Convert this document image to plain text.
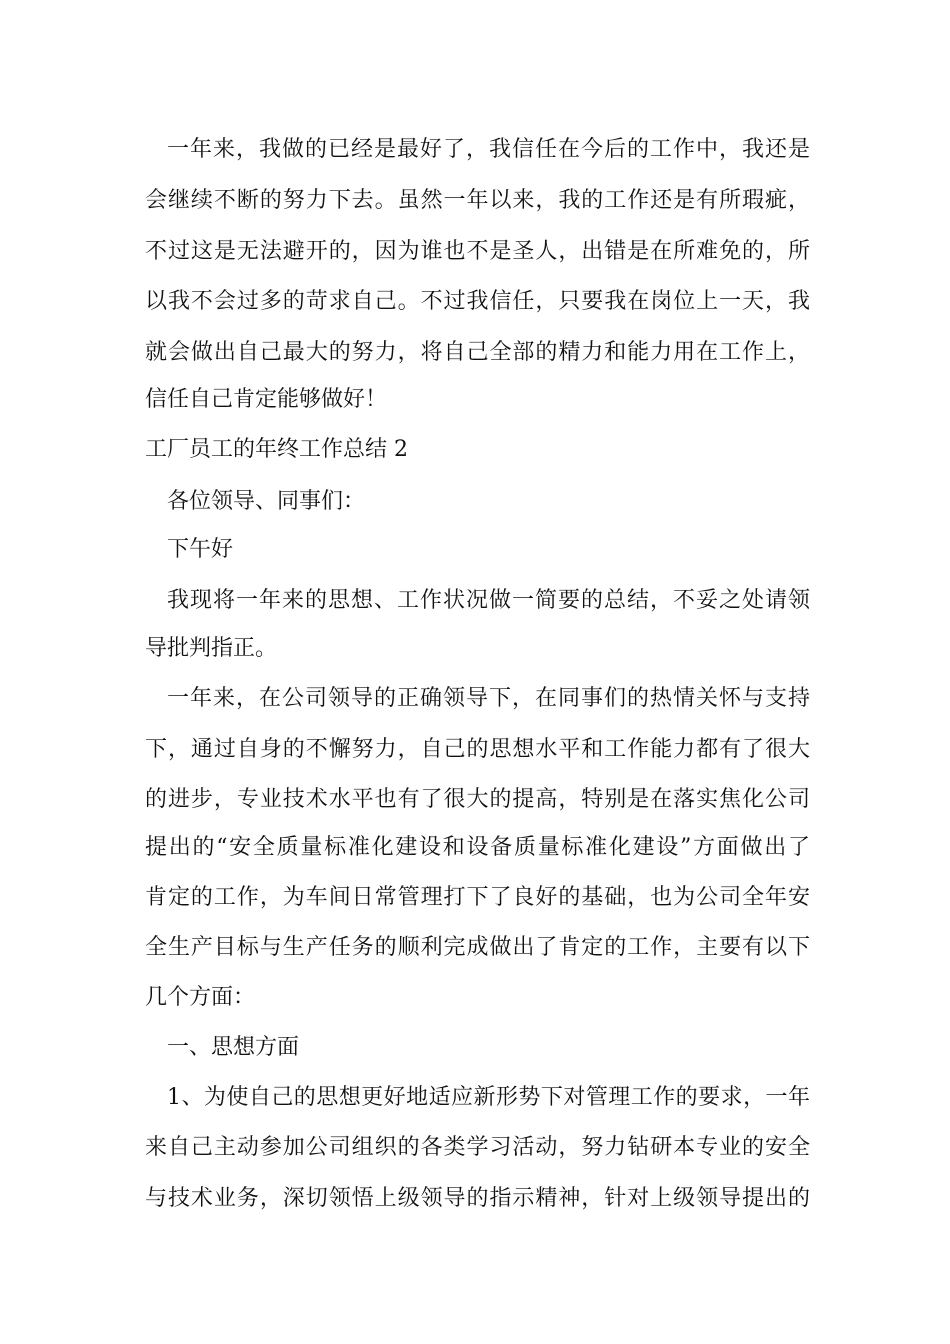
一年来，我做的已经是最好了，我信任在今后的工作中，我还是
会继续不断的努力下去。虽然一年以来，我的工作还是有所瑕疵，
不过这是无法避开的，因为谁也不是圣人，出错是在所难免的，所
以我不会过多的苛求自己。不过我信任，只要我在岗位上一天，我
就会做出自己最大的努力，将自己全部的精力和能力用在工作上，
信任自己肯定能够做好！
工厂员工的年终工作总结 2
各位领导、同事们：
下午好
我现将一年来的思想、工作状况做一简要的总结，不妥之处请领
导批判指正。
一年来，在公司领导的正确领导下，在同事们的热情关怀与支持
下，通过自身的不懈努力，自己的思想水平和工作能力都有了很大
的进步，专业技术水平也有了很大的提高，特别是在落实焦化公司
提出的“安全质量标准化建设和设备质量标准化建设”方面做出了
肯定的工作，为车间日常管理打下了良好的基础，也为公司全年安
全生产目标与生产任务的顺利完成做出了肯定的工作，主要有以下
几个方面：
一、思想方面
1、为使自己的思想更好地适应新形势下对管理工作的要求，一年
来自己主动参加公司组织的各类学习活动，努力钻研本专业的安全
与技术业务，深切领悟上级领导的指示精神，针对上级领导提出的
